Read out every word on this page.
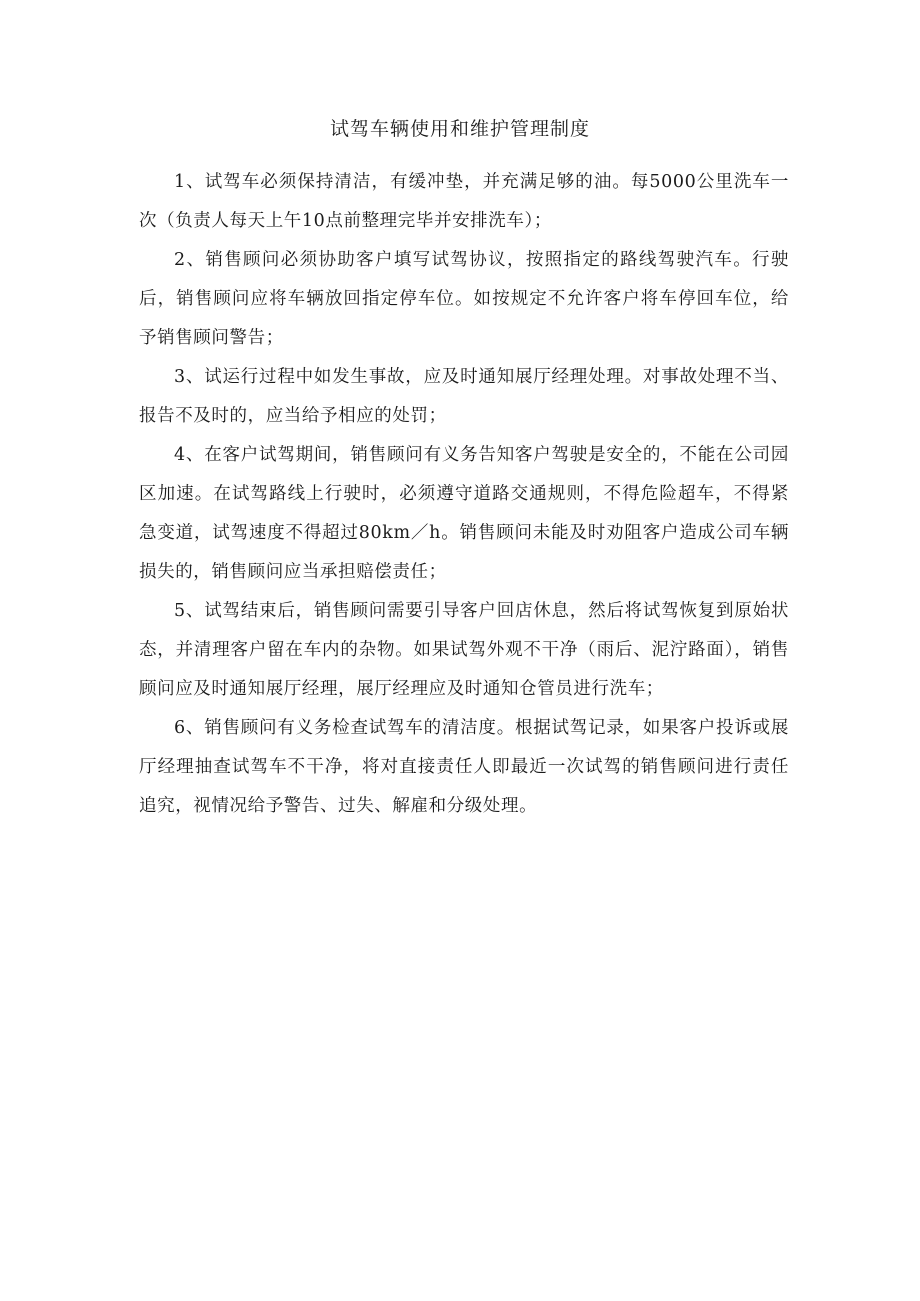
试驾车辆使用和维护管理制度

1、试驾车必须保持清洁，有缓冲垫，并充满足够的油。每5000公里洗车一次（负责人每天上午10点前整理完毕并安排洗车）；

2、销售顾问必须协助客户填写试驾协议，按照指定的路线驾驶汽车。行驶后，销售顾问应将车辆放回指定停车位。如按规定不允许客户将车停回车位，给予销售顾问警告；

3、试运行过程中如发生事故，应及时通知展厅经理处理。对事故处理不当、报告不及时的，应当给予相应的处罚；

4、在客户试驾期间，销售顾问有义务告知客户驾驶是安全的，不能在公司园区加速。在试驾路线上行驶时，必须遵守道路交通规则，不得危险超车，不得紧急变道，试驾速度不得超过80km／h。销售顾问未能及时劝阻客户造成公司车辆损失的，销售顾问应当承担赔偿责任；

5、试驾结束后，销售顾问需要引导客户回店休息，然后将试驾恢复到原始状态，并清理客户留在车内的杂物。如果试驾外观不干净（雨后、泥泞路面），销售顾问应及时通知展厅经理，展厅经理应及时通知仓管员进行洗车；

6、销售顾问有义务检查试驾车的清洁度。根据试驾记录，如果客户投诉或展厅经理抽查试驾车不干净，将对直接责任人即最近一次试驾的销售顾问进行责任追究，视情况给予警告、过失、解雇和分级处理。
